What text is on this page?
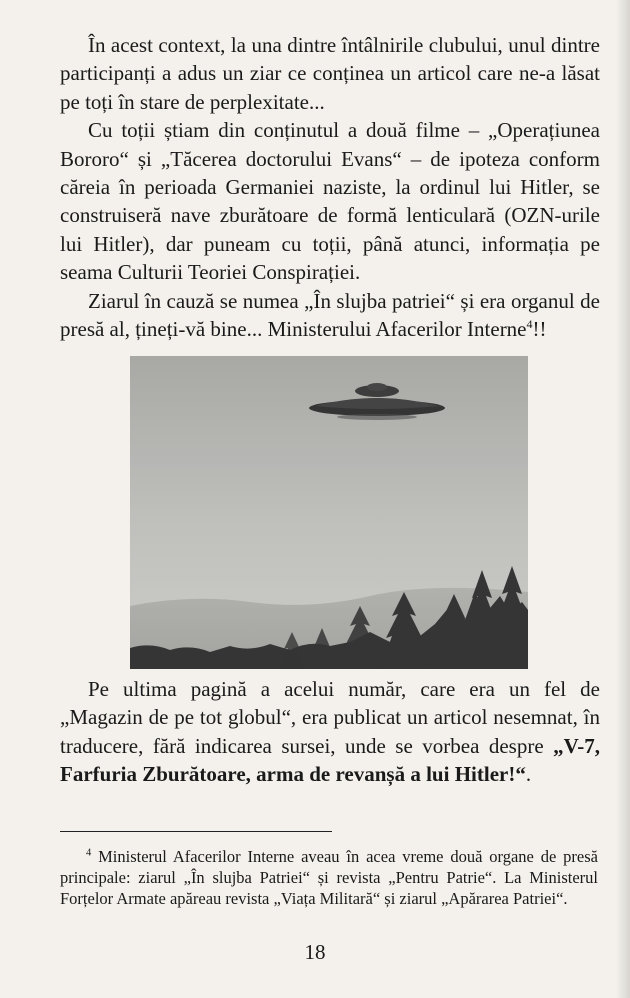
În acest context, la una dintre întâlnirile clubului, unul dintre participanți a adus un ziar ce conținea un articol care ne-a lăsat pe toți în stare de perplexitate...

Cu toții știam din conținutul a două filme – „Operațiunea Bororo“ și „Tăcerea doctorului Evans“ – de ipoteza conform căreia în perioada Germaniei naziste, la ordinul lui Hitler, se construiseră nave zburătoare de formă lenticulară (OZN-urile lui Hitler), dar puneam cu toții, până atunci, informația pe seama Culturii Teoriei Conspirației.

Ziarul în cauză se numea „În slujba patriei“ și era organul de presă al, țineți-vă bine... Ministerului Afacerilor Interne$^4$!!

Pe ultima pagină a acelui număr, care era un fel de „Magazin de pe tot globul“, era publicat un articol nesemnat, în traducere, fără indicarea sursei, unde se vorbea despre „V-7, Farfuria Zburătoare, arma de revanșă a lui Hitler!“.

$^4$ Ministerul Afacerilor Interne aveau în acea vreme două organe de presă principale: ziarul „În slujba Patriei“ și revista „Pentru Patrie“. La Ministerul Forțelor Armate apăreau revista „Viața Militară“ și ziarul „Apărarea Patriei“.

18
